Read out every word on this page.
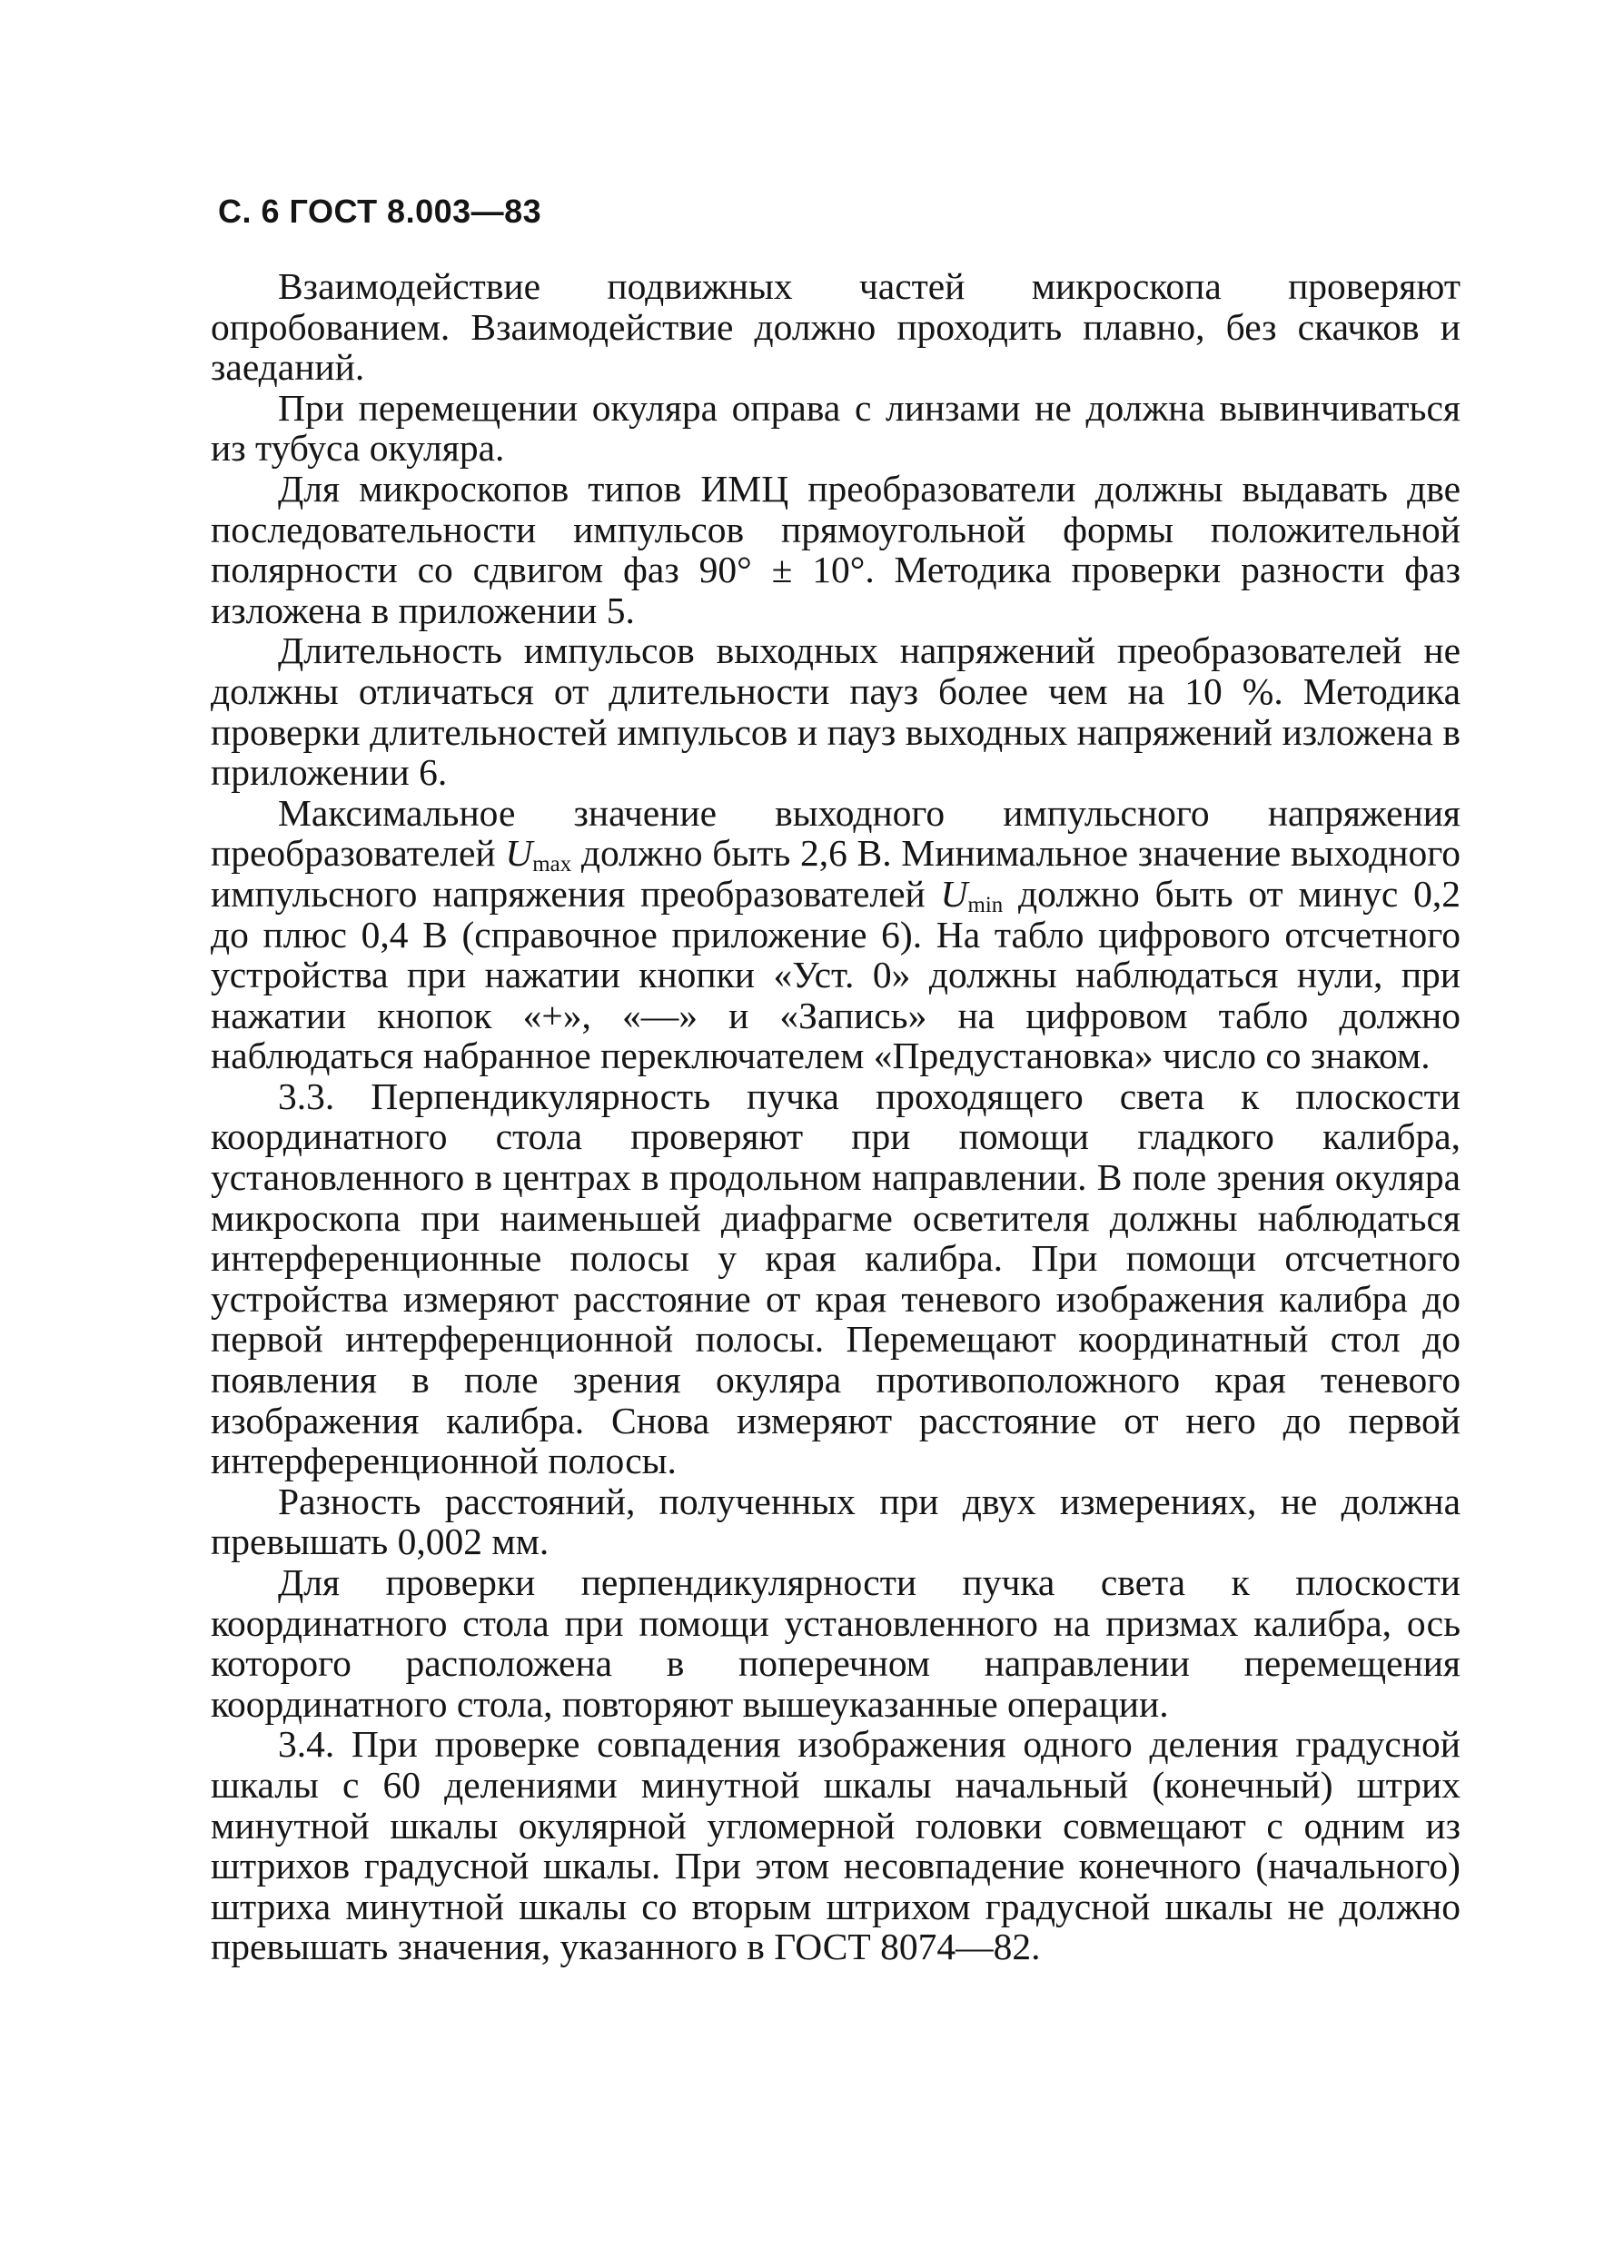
С. 6 ГОСТ 8.003—83

Взаимодействие подвижных частей микроскопа проверяют опробованием. Взаимодействие должно проходить плавно, без скачков и заеданий.

При перемещении окуляра оправа с линзами не должна вывинчиваться из тубуса окуляра.

Для микроскопов типов ИМЦ преобразователи должны выдавать две последовательности импульсов прямоугольной формы положительной полярности со сдвигом фаз 90° ± 10°. Методика проверки разности фаз изложена в приложении 5.

Длительность импульсов выходных напряжений преобразователей не должны отличаться от длительности пауз более чем на 10 %. Методика проверки длительностей импульсов и пауз выходных напряжений изложена в приложении 6.

Максимальное значение выходного импульсного напряжения преобразователей $U_{max}$ должно быть 2,6 В. Минимальное значение выходного импульсного напряжения преобразователей $U_{min}$ должно быть от минус 0,2 до плюс 0,4 В (справочное приложение 6). На табло цифрового отсчетного устройства при нажатии кнопки «Уст. 0» должны наблюдаться нули, при нажатии кнопок «+», «—» и «Запись» на цифровом табло должно наблюдаться набранное переключателем «Предустановка» число со знаком.

3.3. Перпендикулярность пучка проходящего света к плоскости координатного стола проверяют при помощи гладкого калибра, установленного в центрах в продольном направлении. В поле зрения окуляра микроскопа при наименьшей диафрагме осветителя должны наблюдаться интерференционные полосы у края калибра. При помощи отсчетного устройства измеряют расстояние от края теневого изображения калибра до первой интерференционной полосы. Перемещают координатный стол до появления в поле зрения окуляра противоположного края теневого изображения калибра. Снова измеряют расстояние от него до первой интерференционной полосы.

Разность расстояний, полученных при двух измерениях, не должна превышать 0,002 мм.

Для проверки перпендикулярности пучка света к плоскости координатного стола при помощи установленного на призмах калибра, ось которого расположена в поперечном направлении перемещения координатного стола, повторяют вышеуказанные операции.

3.4. При проверке совпадения изображения одного деления градусной шкалы с 60 делениями минутной шкалы начальный (конечный) штрих минутной шкалы окулярной угломерной головки совмещают с одним из штрихов градусной шкалы. При этом несовпадение конечного (начального) штриха минутной шкалы со вторым штрихом градусной шкалы не должно превышать значения, указанного в ГОСТ 8074—82.
